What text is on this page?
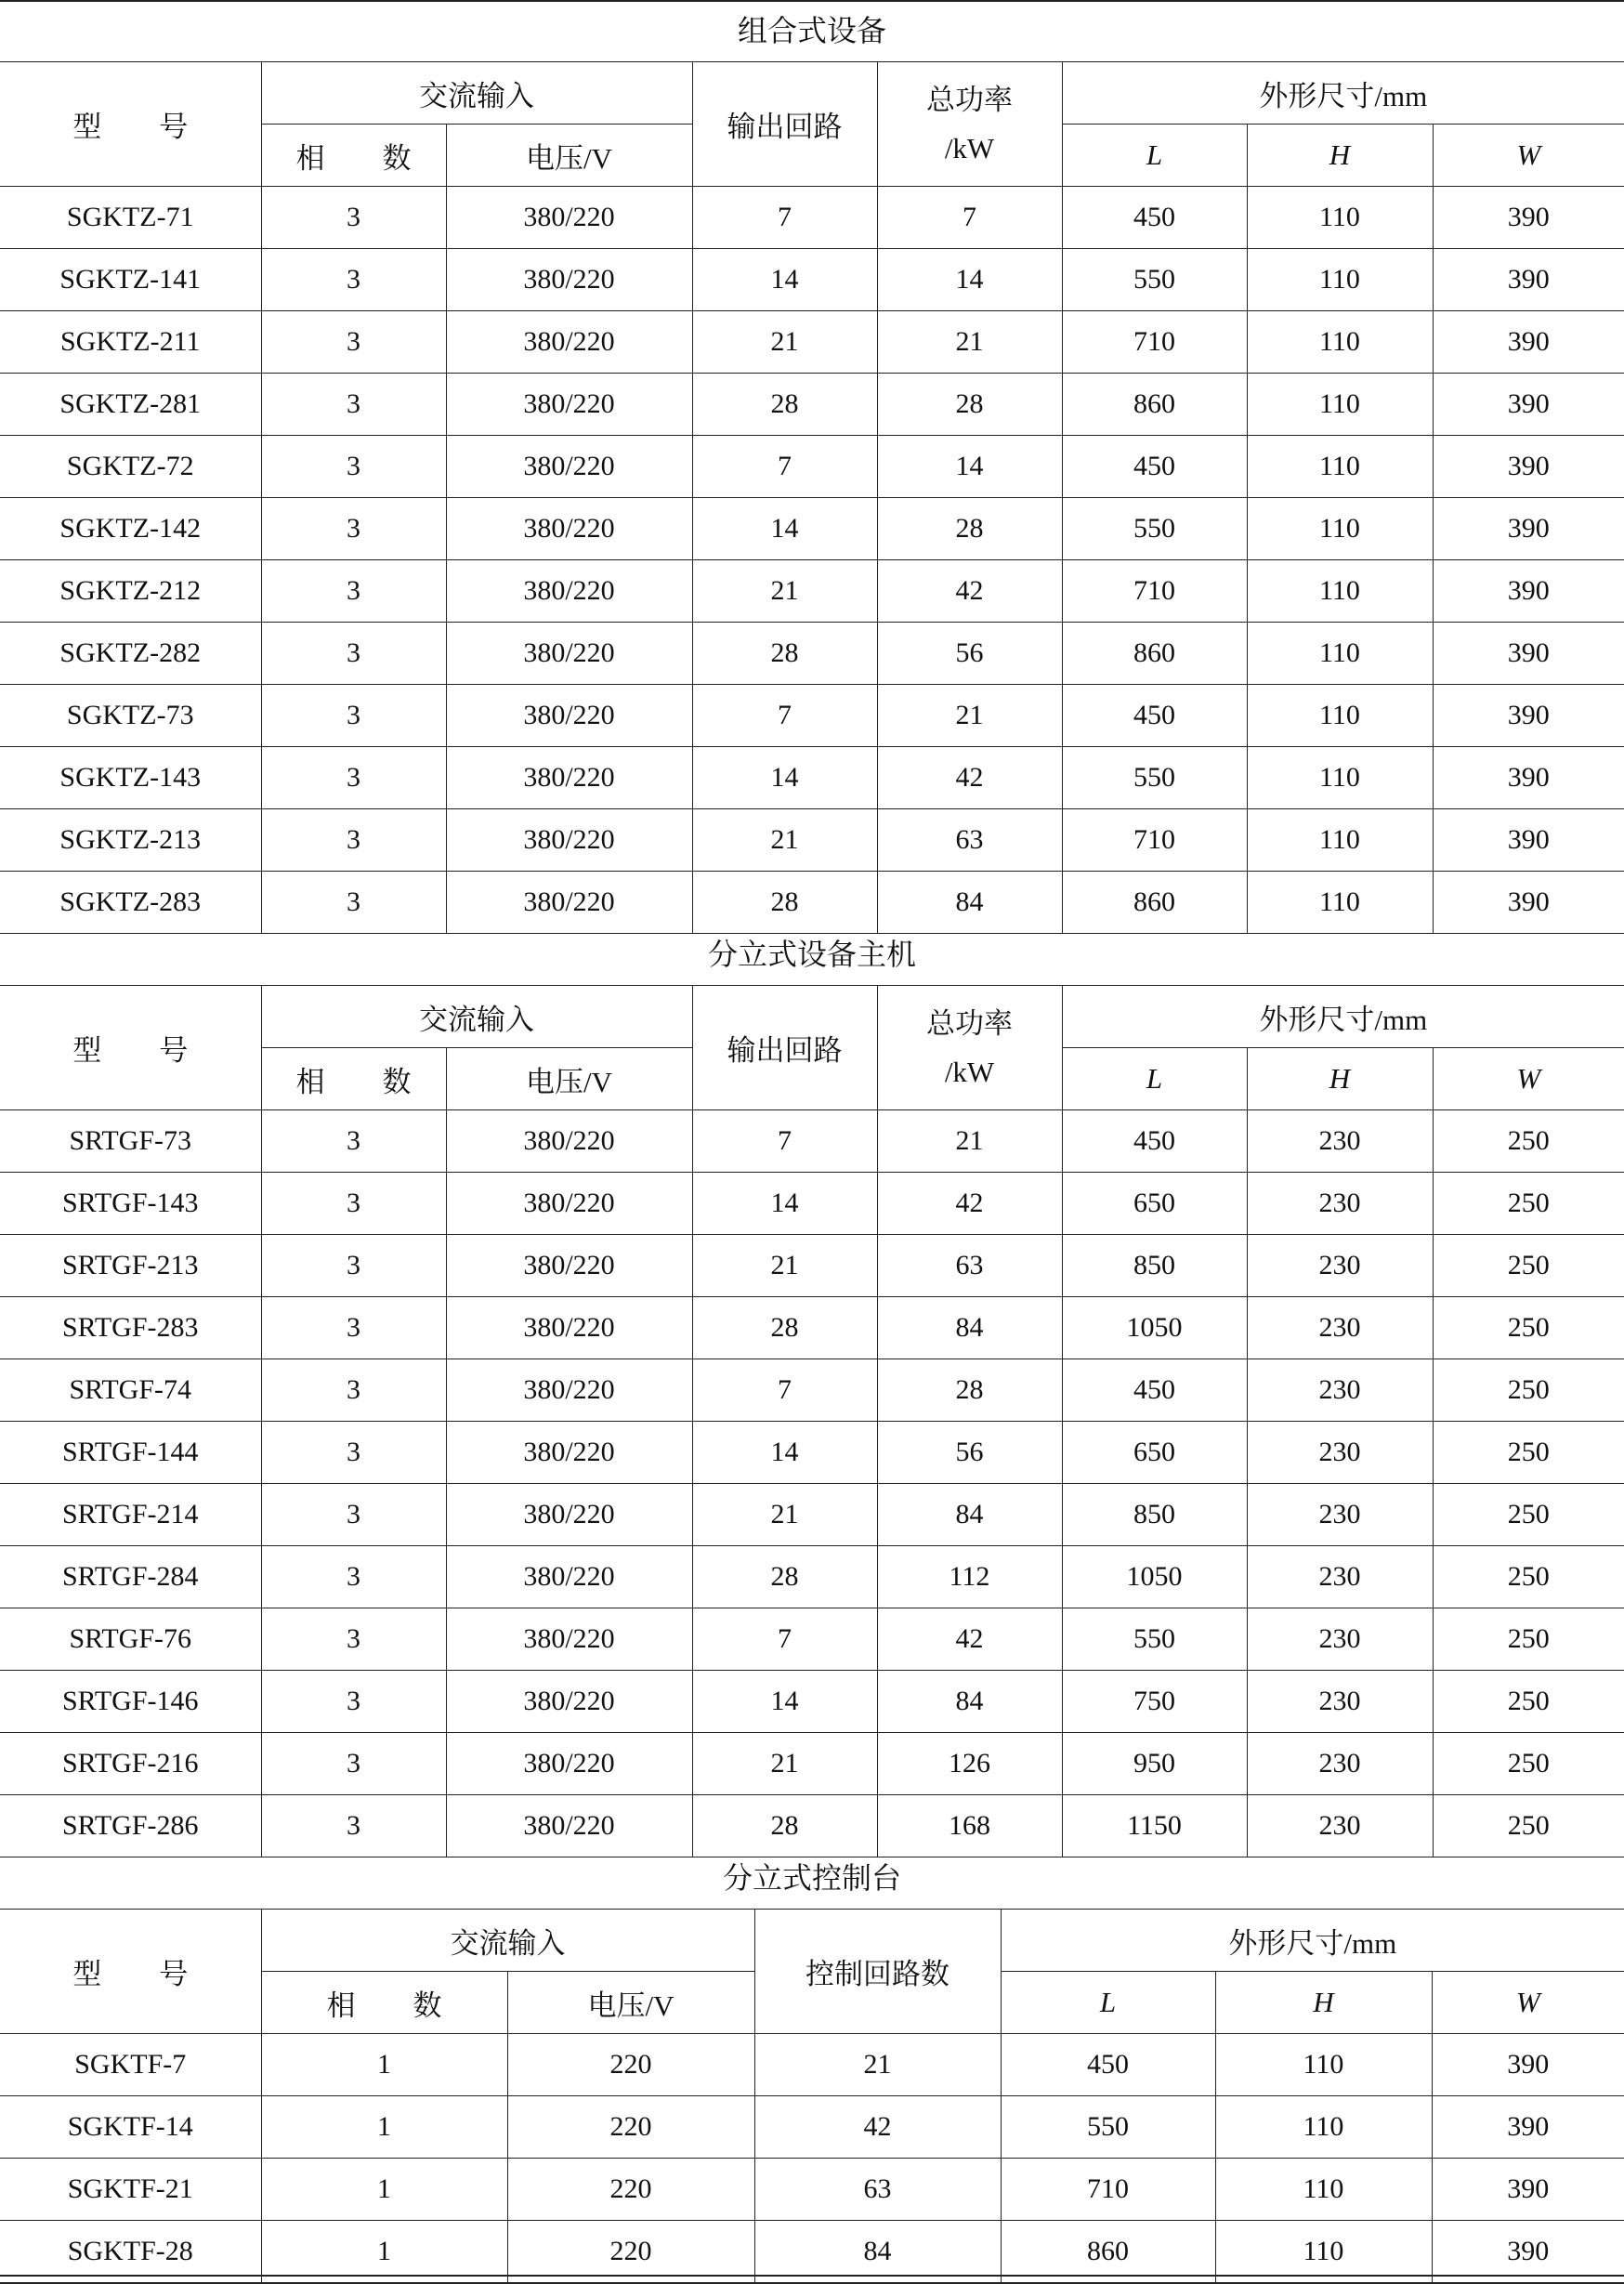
组合式设备
型　　号	交流输入		输出回路	总功率
/kW	外形尺寸/mm		
	相　　数	电压/V			L	H	W
SGKTZ-71	3	380/220	7	7	450	110	390
SGKTZ-141	3	380/220	14	14	550	110	390
SGKTZ-211	3	380/220	21	21	710	110	390
SGKTZ-281	3	380/220	28	28	860	110	390
SGKTZ-72	3	380/220	7	14	450	110	390
SGKTZ-142	3	380/220	14	28	550	110	390
SGKTZ-212	3	380/220	21	42	710	110	390
SGKTZ-282	3	380/220	28	56	860	110	390
SGKTZ-73	3	380/220	7	21	450	110	390
SGKTZ-143	3	380/220	14	42	550	110	390
SGKTZ-213	3	380/220	21	63	710	110	390
SGKTZ-283	3	380/220	28	84	860	110	390
分立式设备主机
型　　号	交流输入		输出回路	总功率
/kW	外形尺寸/mm		
	相　　数	电压/V			L	H	W
SRTGF-73	3	380/220	7	21	450	230	250
SRTGF-143	3	380/220	14	42	650	230	250
SRTGF-213	3	380/220	21	63	850	230	250
SRTGF-283	3	380/220	28	84	1050	230	250
SRTGF-74	3	380/220	7	28	450	230	250
SRTGF-144	3	380/220	14	56	650	230	250
SRTGF-214	3	380/220	21	84	850	230	250
SRTGF-284	3	380/220	28	112	1050	230	250
SRTGF-76	3	380/220	7	42	550	230	250
SRTGF-146	3	380/220	14	84	750	230	250
SRTGF-216	3	380/220	21	126	950	230	250
SRTGF-286	3	380/220	28	168	1150	230	250
分立式控制台
型　　号	交流输入		控制回路数	外形尺寸/mm		
	相　　数	电压/V		L	H	W
SGKTF-7	1	220	21	450	110	390
SGKTF-14	1	220	42	550	110	390
SGKTF-21	1	220	63	710	110	390
SGKTF-28	1	220	84	860	110	390
